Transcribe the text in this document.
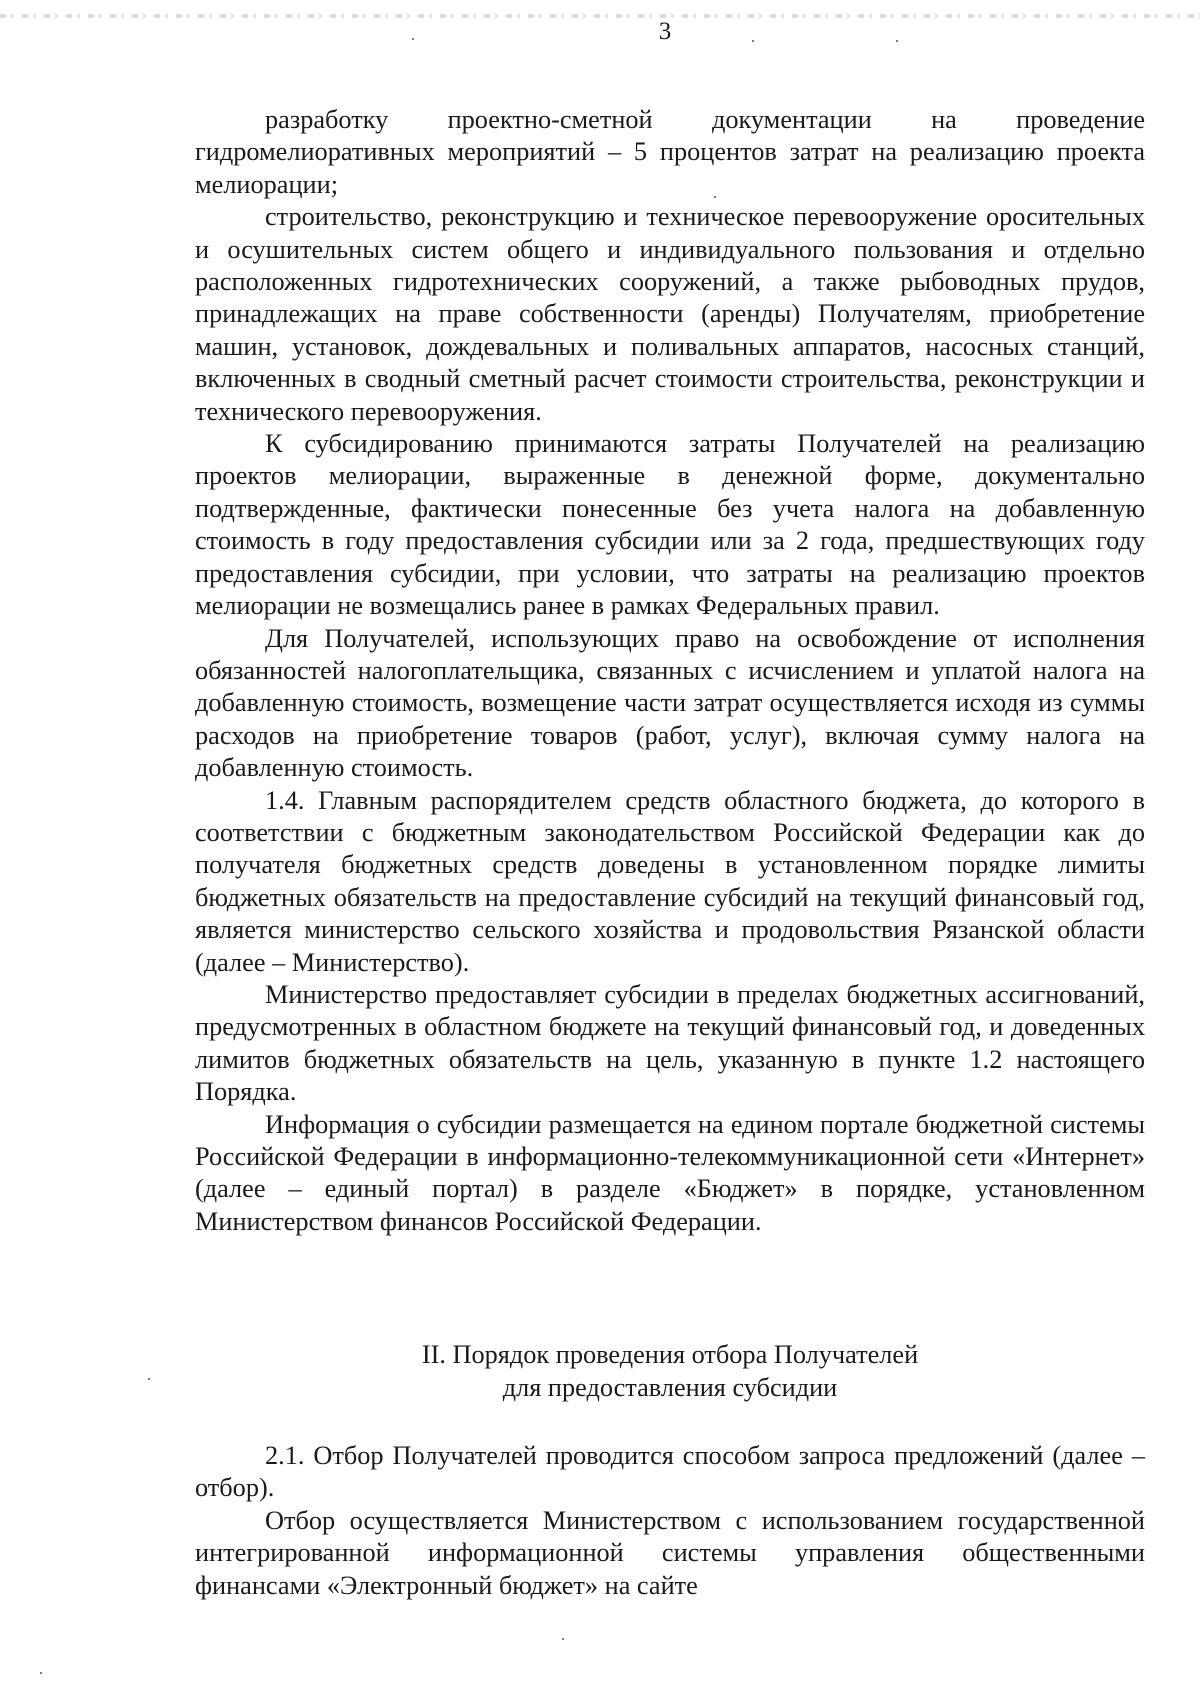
3

разработку проектно-сметной документации на проведение гидромелиоративных мероприятий – 5 процентов затрат на реализацию проекта мелиорации;

строительство, реконструкцию и техническое перевооружение оросительных и осушительных систем общего и индивидуального пользования и отдельно расположенных гидротехнических сооружений, а также рыбоводных прудов, принадлежащих на праве собственности (аренды) Получателям, приобретение машин, установок, дождевальных и поливальных аппаратов, насосных станций, включенных в сводный сметный расчет стоимости строительства, реконструкции и технического перевооружения.

К субсидированию принимаются затраты Получателей на реализацию проектов мелиорации, выраженные в денежной форме, документально подтвержденные, фактически понесенные без учета налога на добавленную стоимость в году предоставления субсидии или за 2 года, предшествующих году предоставления субсидии, при условии, что затраты на реализацию проектов мелиорации не возмещались ранее в рамках Федеральных правил.

Для Получателей, использующих право на освобождение от исполнения обязанностей налогоплательщика, связанных с исчислением и уплатой налога на добавленную стоимость, возмещение части затрат осуществляется исходя из суммы расходов на приобретение товаров (работ, услуг), включая сумму налога на добавленную стоимость.

1.4. Главным распорядителем средств областного бюджета, до которого в соответствии с бюджетным законодательством Российской Федерации как до получателя бюджетных средств доведены в установленном порядке лимиты бюджетных обязательств на предоставление субсидий на текущий финансовый год, является министерство сельского хозяйства и продовольствия Рязанской области (далее – Министерство).

Министерство предоставляет субсидии в пределах бюджетных ассигнований, предусмотренных в областном бюджете на текущий финансовый год, и доведенных лимитов бюджетных обязательств на цель, указанную в пункте 1.2 настоящего Порядка.

Информация о субсидии размещается на едином портале бюджетной системы Российской Федерации в информационно-телекоммуникационной сети «Интернет» (далее – единый портал) в разделе «Бюджет» в порядке, установленном Министерством финансов Российской Федерации.

II. Порядок проведения отбора Получателей
для предоставления субсидии

2.1. Отбор Получателей проводится способом запроса предложений (далее – отбор).

Отбор осуществляется Министерством с использованием государственной интегрированной информационной системы управления общественными финансами «Электронный бюджет» на сайте
